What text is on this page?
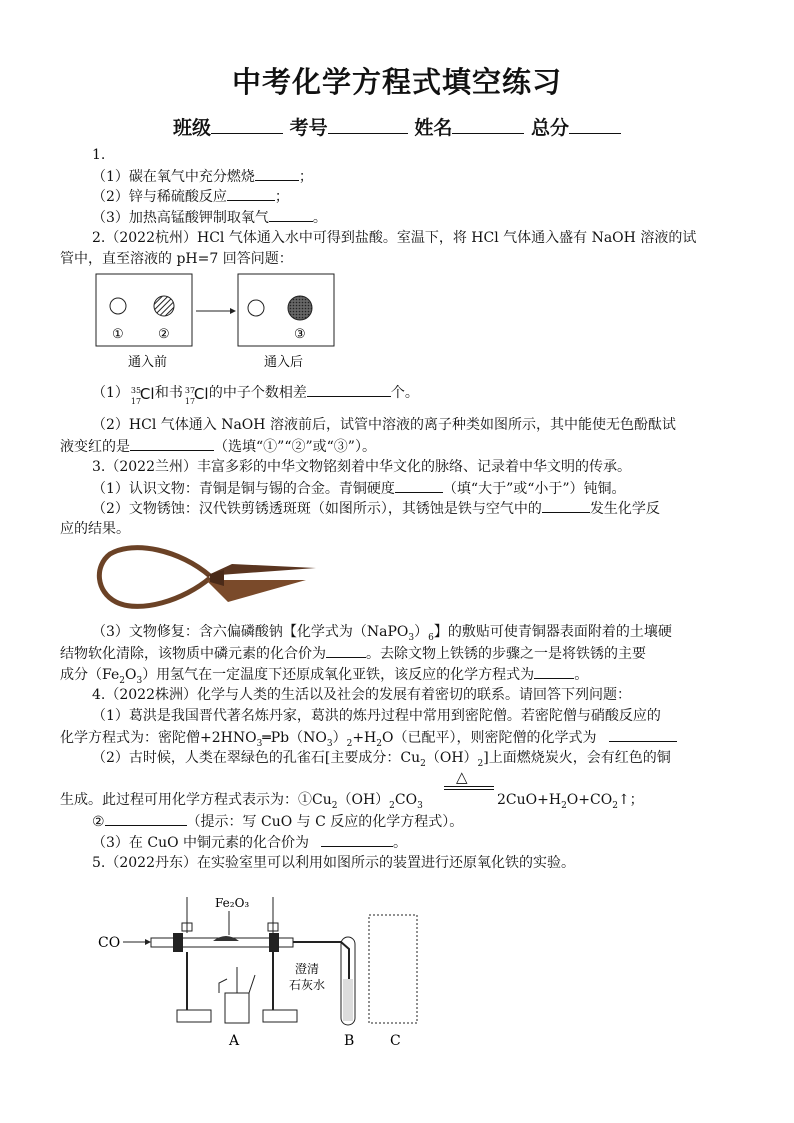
中考化学方程式填空练习
班级	考号	姓名	总分
1.
（1）碳在氧气中充分燃烧	；
（2）锌与稀硫酸反应	；
（3）加热高锰酸钾制取氧气	。
2.（2022杭州）HCl 气体通入水中可得到盐酸。室温下，将 HCl 气体通入盛有 NaOH 溶液的试
管中，直至溶液的 pH=7 回答问题：
①	②	③
通入前	通入后
（1） 35
17
Cl 和书 37
17
Cl 的中子个数相差	个。
（2）HCl 气体通入 NaOH 溶液前后，试管中溶液的离子种类如图所示，其中能使无色酚酞试
液变红的是	（选填“①”“②”或“③”）。
3.（2022兰州）丰富多彩的中华文物铭刻着中华文化的脉络、记录着中华文明的传承。
（1）认识文物：青铜是铜与锡的合金。青铜硬度	（填“大于”或“小于”）钝铜。
（2）文物锈蚀：汉代铁剪锈透斑斑（如图所示），其锈蚀是铁与空气中的	发生化学反
应的结果。
（3）文物修复：含六偏磷酸钠【化学式为$(NaPO_3)_6$】的敷贴可使青铜器表面附着的土壤硬
结物软化清除，该物质中磷元素的化合价为	。去除文物上铁锈的步骤之一是将铁锈的主要
成分$(Fe_2O_3)$用氢气在一定温度下还原成氧化亚铁，该反应的化学方程式为	。
4.（2022株洲）化学与人类的生活以及社会的发展有着密切的联系。请回答下列问题：
（1）葛洪是我国晋代著名炼丹家，葛洪的炼丹过程中常用到密陀僧。若密陀僧与硝酸反应的
化学方程式为：密陀僧$+2HNO_3═Pb(NO_3)_2+H_2O$（已配平），则密陀僧的化学式为
（2）古时候，人类在翠绿色的孔雀石[主要成分：$Cu_2(OH)_2$]上面燃烧炭火，会有红色的铜
△
生成。此过程可用化学方程式表示为：$①Cu_2(OH)_2CO_3$	$2CuO+H_2O+CO_2↑$；
②	（提示：写 CuO 与 C 反应的化学方程式）。
（3）在 CuO 中铜元素的化合价为	。
5.（2022丹东）在实验室里可以利用如图所示的装置进行还原氧化铁的实验。
CO
Fe₂O₃
澄清
石灰水
A	B	C
